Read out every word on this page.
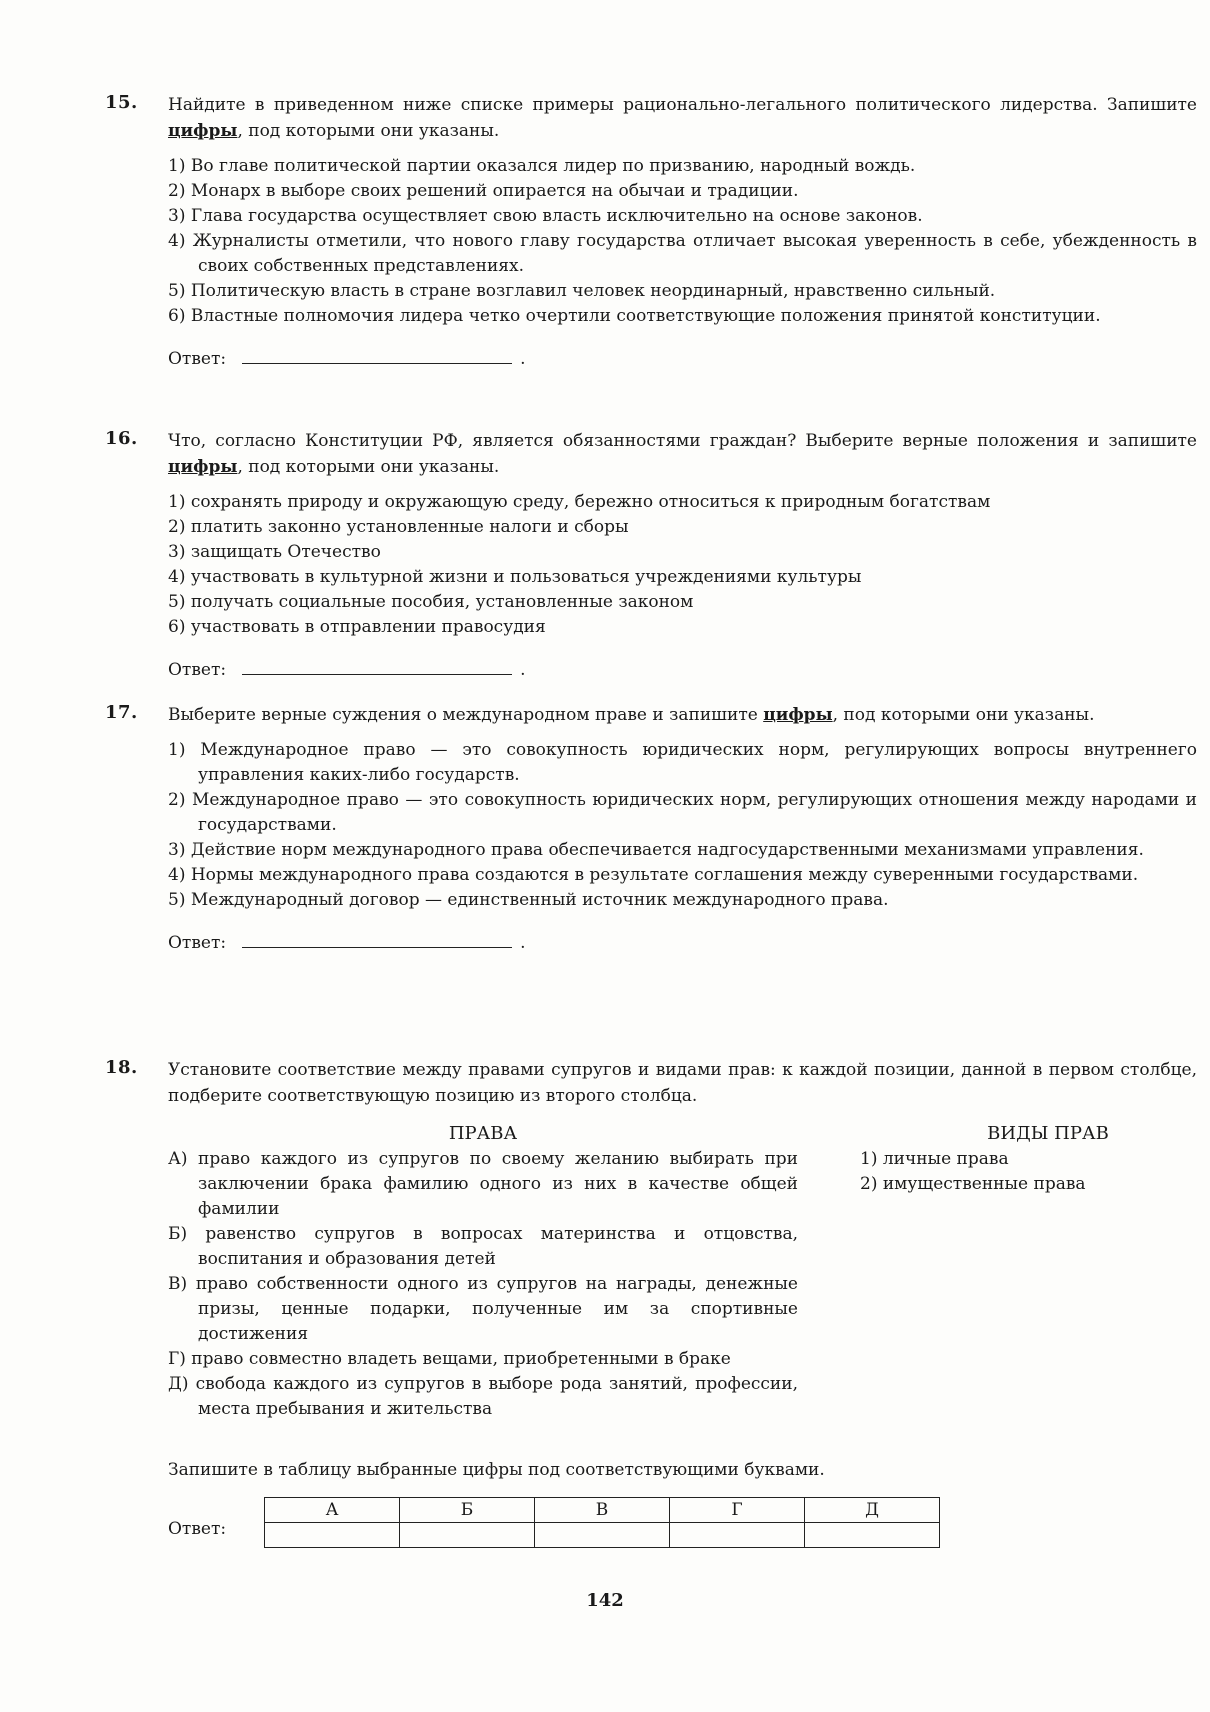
15. Найдите в приведенном ниже списке примеры рационально-легального политического лидерства. Запишите цифры, под которыми они указаны.

1) Во главе политической партии оказался лидер по призванию, народный вождь.
2) Монарх в выборе своих решений опирается на обычаи и традиции.
3) Глава государства осуществляет свою власть исключительно на основе законов.
4) Журналисты отметили, что нового главу государства отличает высокая уверенность в себе, убежденность в своих собственных представлениях.
5) Политическую власть в стране возглавил человек неординарный, нравственно сильный.
6) Властные полномочия лидера четко очертили соответствующие положения принятой конституции.
Ответ:	.
16. Что, согласно Конституции РФ, является обязанностями граждан? Выберите верные положения и запишите цифры, под которыми они указаны.

1) сохранять природу и окружающую среду, бережно относиться к природным богатствам
2) платить законно установленные налоги и сборы
3) защищать Отечество
4) участвовать в культурной жизни и пользоваться учреждениями культуры
5) получать социальные пособия, установленные законом
6) участвовать в отправлении правосудия
Ответ:	.
17. Выберите верные суждения о международном праве и запишите цифры, под которыми они указаны.

1) Международное право — это совокупность юридических норм, регулирующих вопросы внутреннего управления каких-либо государств.
2) Международное право — это совокупность юридических норм, регулирующих отношения между народами и государствами.
3) Действие норм международного права обеспечивается надгосударственными механизмами управления.
4) Нормы международного права создаются в результате соглашения между суверенными государствами.
5) Международный договор — единственный источник международного права.
Ответ:	.
18. Установите соответствие между правами супругов и видами прав: к каждой позиции, данной в первом столбце, подберите соответствующую позицию из второго столбца.

ПРАВА
А) право каждого из супругов по своему желанию выбирать при заключении брака фамилию одного из них в качестве общей фамилии
Б) равенство супругов в вопросах материнства и отцовства, воспитания и образования детей
В) право собственности одного из супругов на награды, денежные призы, ценные подарки, полученные им за спортивные достижения
Г) право совместно владеть вещами, приобретенными в браке
Д) свобода каждого из супругов в выборе рода занятий, профессии, места пребывания и жительства
ВИДЫ ПРАВ
1) личные права
2) имущественные права
Запишите в таблицу выбранные цифры под соответствующими буквами.
Ответ:
А	Б	В	Г	Д

142
